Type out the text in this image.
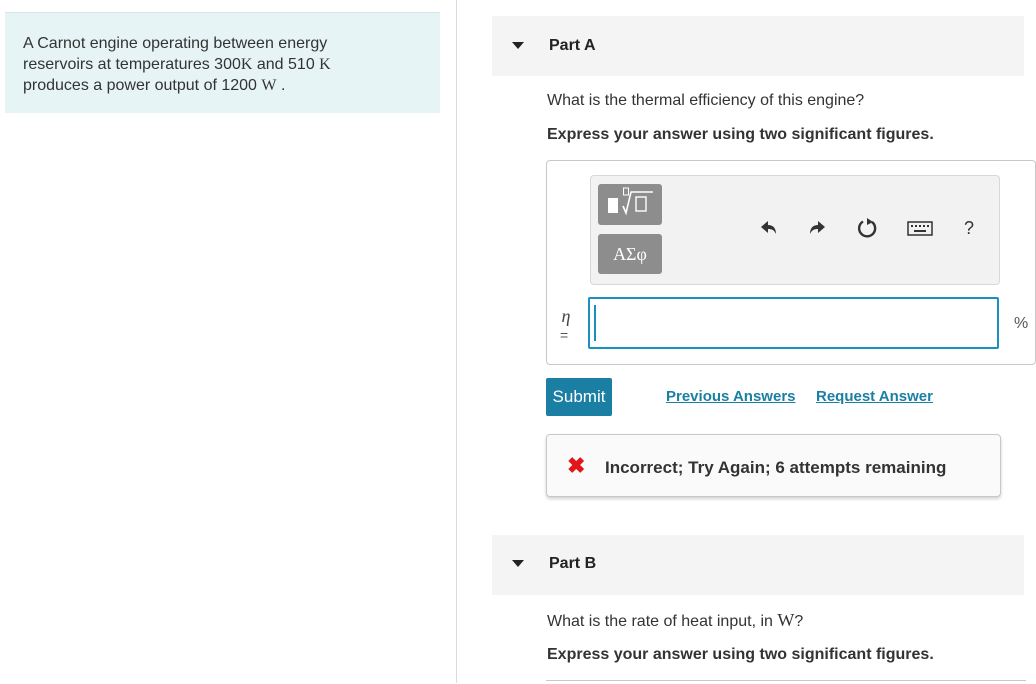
A Carnot engine operating between energy
reservoirs at temperatures 300K and 510 K
produces a power output of 1200 W .
Part A
What is the thermal efficiency of this engine?
Express your answer using two significant figures.
ΑΣφ
?
η
=
%
Submit	Previous Answers Request Answer
✖ Incorrect; Try Again; 6 attempts remaining
Part B
What is the rate of heat input, in W?
Express your answer using two significant figures.
